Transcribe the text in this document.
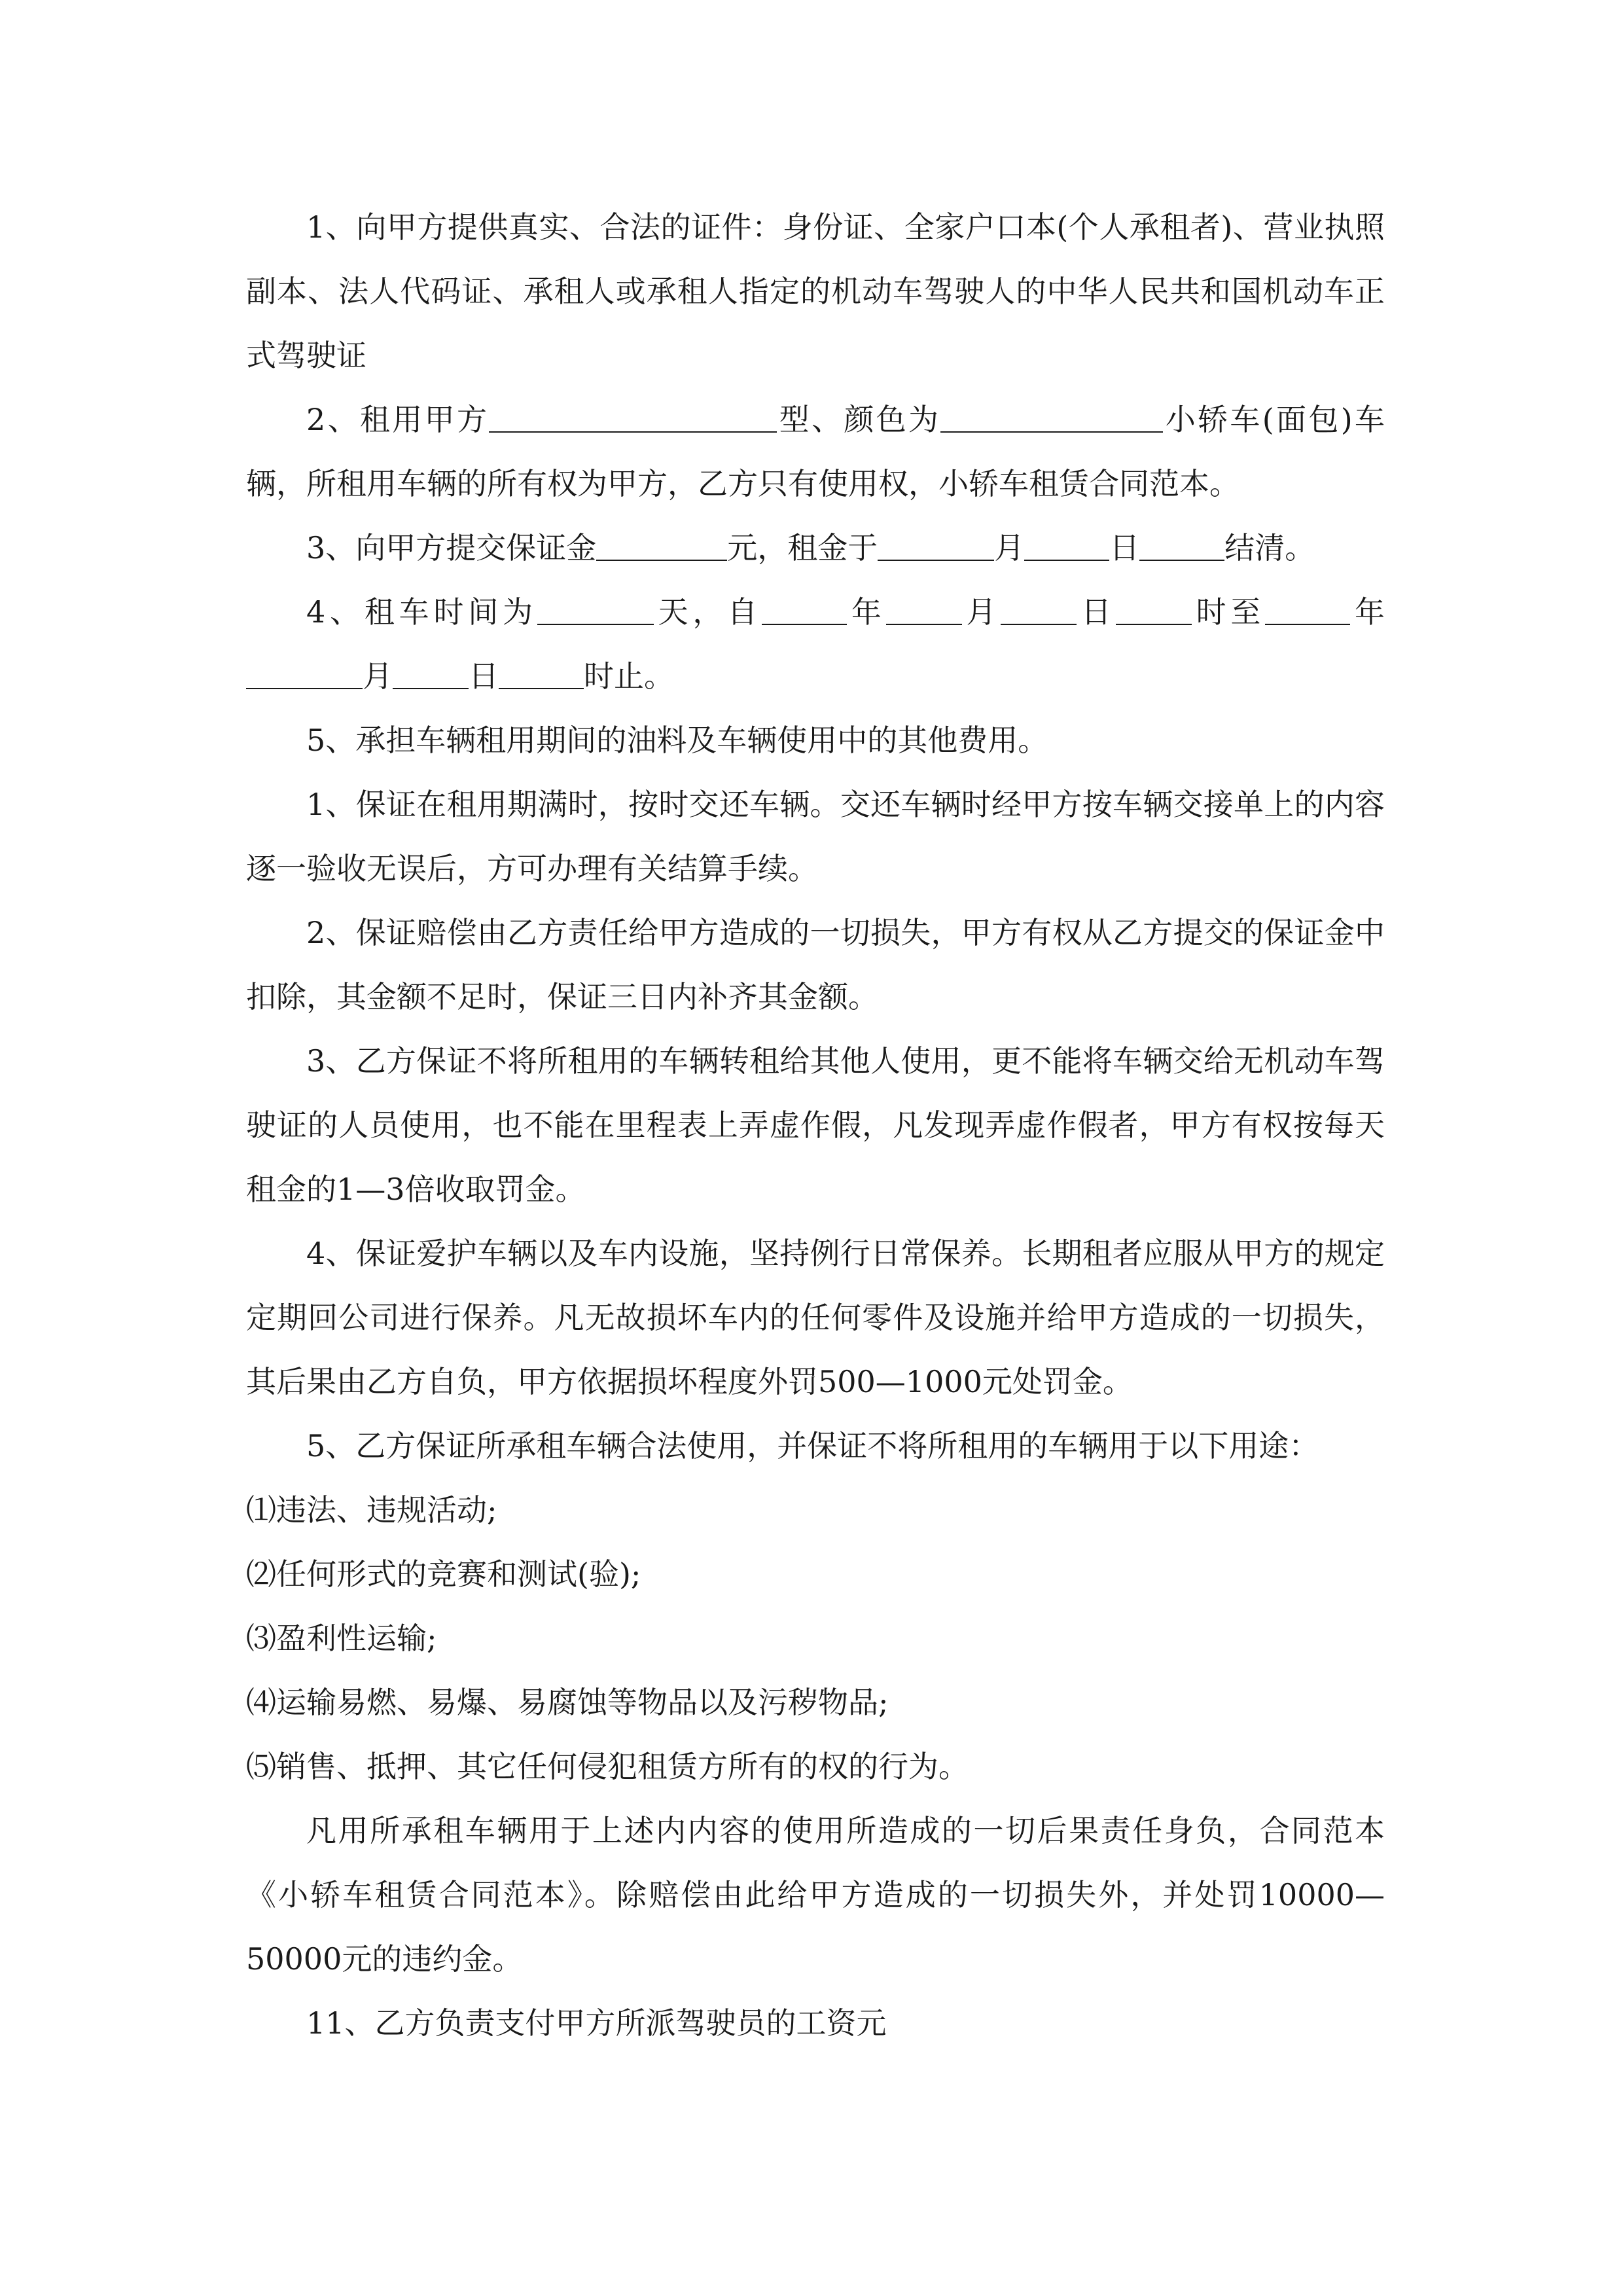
1、向甲方提供真实、合法的证件：身份证、全家户口本(个人承租者)、营业执照副本、法人代码证、承租人或承租人指定的机动车驾驶人的中华人民共和国机动车正式驾驶证

2、租用甲方	型、颜色为	小轿车(面包)车辆，所租用车辆的所有权为甲方，乙方只有使用权，小轿车租赁合同范本。

3、向甲方提交保证金	元，租金于	月	日	结清。

4、租车时间为	天，自	年	月	日	时至	年月	日	时止。

5、承担车辆租用期间的油料及车辆使用中的其他费用。

1、保证在租用期满时，按时交还车辆。交还车辆时经甲方按车辆交接单上的内容逐一验收无误后，方可办理有关结算手续。

2、保证赔偿由乙方责任给甲方造成的一切损失，甲方有权从乙方提交的保证金中扣除，其金额不足时，保证三日内补齐其金额。

3、乙方保证不将所租用的车辆转租给其他人使用，更不能将车辆交给无机动车驾驶证的人员使用，也不能在里程表上弄虚作假，凡发现弄虚作假者，甲方有权按每天租金的1—3倍收取罚金。

4、保证爱护车辆以及车内设施，坚持例行日常保养。长期租者应服从甲方的规定定期回公司进行保养。凡无故损坏车内的任何零件及设施并给甲方造成的一切损失，其后果由乙方自负，甲方依据损坏程度外罚500—1000元处罚金。

5、乙方保证所承租车辆合法使用，并保证不将所租用的车辆用于以下用途：

⑴违法、违规活动;

⑵任何形式的竞赛和测试(验);

⑶盈利性运输;

⑷运输易燃、易爆、易腐蚀等物品以及污秽物品;

⑸销售、抵押、其它任何侵犯租赁方所有的权的行为。

凡用所承租车辆用于上述内内容的使用所造成的一切后果责任身负，合同范本《小轿车租赁合同范本》。除赔偿由此给甲方造成的一切损失外，并处罚10000—50000元的违约金。

11、乙方负责支付甲方所派驾驶员的工资元
